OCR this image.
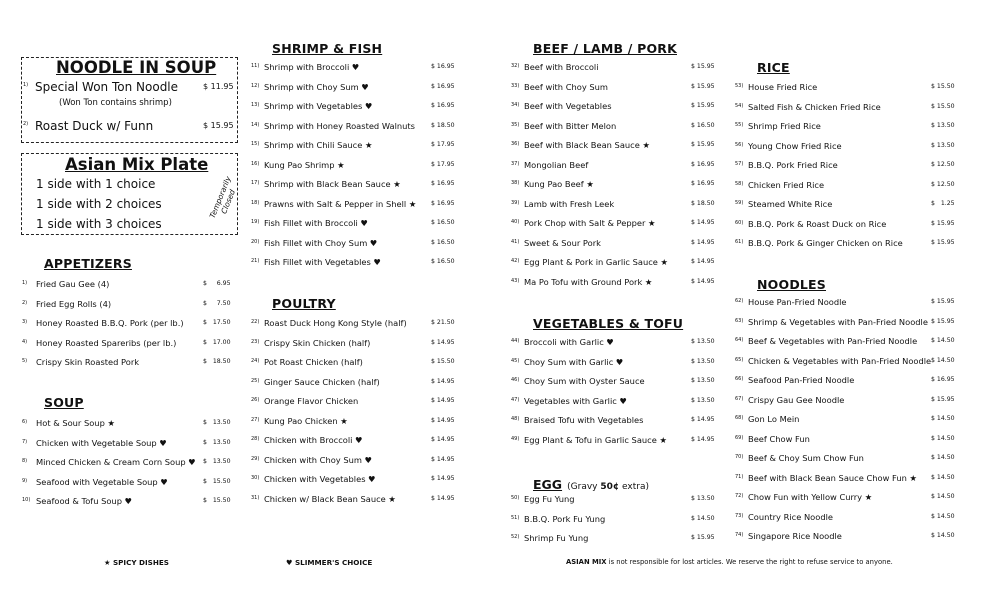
NOODLE IN SOUP
1) Special Won Ton Noodle	$ 11.95
(Won Ton contains shrimp)
2) Roast Duck w/ Funn	$ 15.95
Asian Mix Plate
1 side with 1 choice
1 side with 2 choices
1 side with 3 choices
Temporarily Closed
APPETIZERS
1) Fried Gau Gee (4)	$     6.95
2) Fried Egg Rolls (4)	$     7.50
3) Honey Roasted B.B.Q. Pork (per lb.)	$   17.50
4) Honey Roasted Spareribs (per lb.)	$   17.00
5) Crispy Skin Roasted Pork	$   18.50
SOUP
6) Hot & Sour Soup ★	$   13.50
7) Chicken with Vegetable Soup ♥	$   13.50
8) Minced Chicken & Cream Corn Soup ♥ $   13.50
9) Seafood with Vegetable Soup ♥	$   15.50
10) Seafood & Tofu Soup ♥	$   15.50
SHRIMP & FISH
11) Shrimp with Broccoli ♥	$ 16.95
12) Shrimp with Choy Sum ♥	$ 16.95
13) Shrimp with Vegetables ♥	$ 16.95
14) Shrimp with Honey Roasted Walnuts	$ 18.50
15) Shrimp with Chili Sauce ★	$ 17.95
16) Kung Pao Shrimp ★	$ 17.95
17) Shrimp with Black Bean Sauce ★	$ 16.95
18) Prawns with Salt & Pepper in Shell ★ $ 16.95
19) Fish Fillet with Broccoli ♥	$ 16.50
20) Fish Fillet with Choy Sum ♥	$ 16.50
21) Fish Fillet with Vegetables ♥	$ 16.50
POULTRY
22) Roast Duck Hong Kong Style (half)	$ 21.50
23) Crispy Skin Chicken (half)	$ 14.95
24) Pot Roast Chicken (half)	$ 15.50
25) Ginger Sauce Chicken (half)	$ 14.95
26) Orange Flavor Chicken	$ 14.95
27) Kung Pao Chicken ★	$ 14.95
28) Chicken with Broccoli ♥	$ 14.95
29) Chicken with Choy Sum ♥	$ 14.95
30) Chicken with Vegetables ♥	$ 14.95
31) Chicken w/ Black Bean Sauce ★	$ 14.95
BEEF / LAMB / PORK
32) Beef with Broccoli	$ 15.95
33) Beef with Choy Sum	$ 15.95
34) Beef with Vegetables	$ 15.95
35) Beef with Bitter Melon	$ 16.50
36) Beef with Black Bean Sauce ★	$ 15.95
37) Mongolian Beef	$ 16.95
38) Kung Pao Beef ★	$ 16.95
39) Lamb with Fresh Leek	$ 18.50
40) Pork Chop with Salt & Pepper ★	$ 14.95
41) Sweet & Sour Pork	$ 14.95
42) Egg Plant & Pork in Garlic Sauce ★	$ 14.95
43) Ma Po Tofu with Ground Pork ★	$ 14.95
VEGETABLES & TOFU
44) Broccoli with Garlic ♥	$ 13.50
45) Choy Sum with Garlic ♥	$ 13.50
46) Choy Sum with Oyster Sauce	$ 13.50
47) Vegetables with Garlic ♥	$ 13.50
48) Braised Tofu with Vegetables	$ 14.95
49) Egg Plant & Tofu in Garlic Sauce ★	$ 14.95
EGG (Gravy 50¢ extra)
50) Egg Fu Yung	$ 13.50
51) B.B.Q. Pork Fu Yung	$ 14.50
52) Shrimp Fu Yung	$ 15.95
RICE
53) House Fried Rice	$ 15.50
54) Salted Fish & Chicken Fried Rice	$ 15.50
55) Shrimp Fried Rice	$ 13.50
56) Young Chow Fried Rice	$ 13.50
57) B.B.Q. Pork Fried Rice	$ 12.50
58) Chicken Fried Rice	$ 12.50
59) Steamed White Rice	$   1.25
60) B.B.Q. Pork & Roast Duck on Rice	$ 15.95
61) B.B.Q. Pork & Ginger Chicken on Rice	$ 15.95
NOODLES
62) House Pan-Fried Noodle	$ 15.95
63) Shrimp & Vegetables with Pan-Fried Noodle $ 15.95
64) Beef & Vegetables with Pan-Fried Noodle $ 14.50
65) Chicken & Vegetables with Pan-Fried Noodle $ 14.50
66) Seafood Pan-Fried Noodle	$ 16.95
67) Crispy Gau Gee Noodle	$ 15.95
68) Gon Lo Mein	$ 14.50
69) Beef Chow Fun	$ 14.50
70) Beef & Choy Sum Chow Fun	$ 14.50
71) Beef with Black Bean Sauce Chow Fun ★ $ 14.50
72) Chow Fun with Yellow Curry ★	$ 14.50
73) Country Rice Noodle	$ 14.50
74) Singapore Rice Noodle	$ 14.50
★ SPICY DISHES	♥ SLIMMER'S CHOICE	ASIAN MIX is not responsible for lost articles. We reserve the right to refuse service to anyone.
